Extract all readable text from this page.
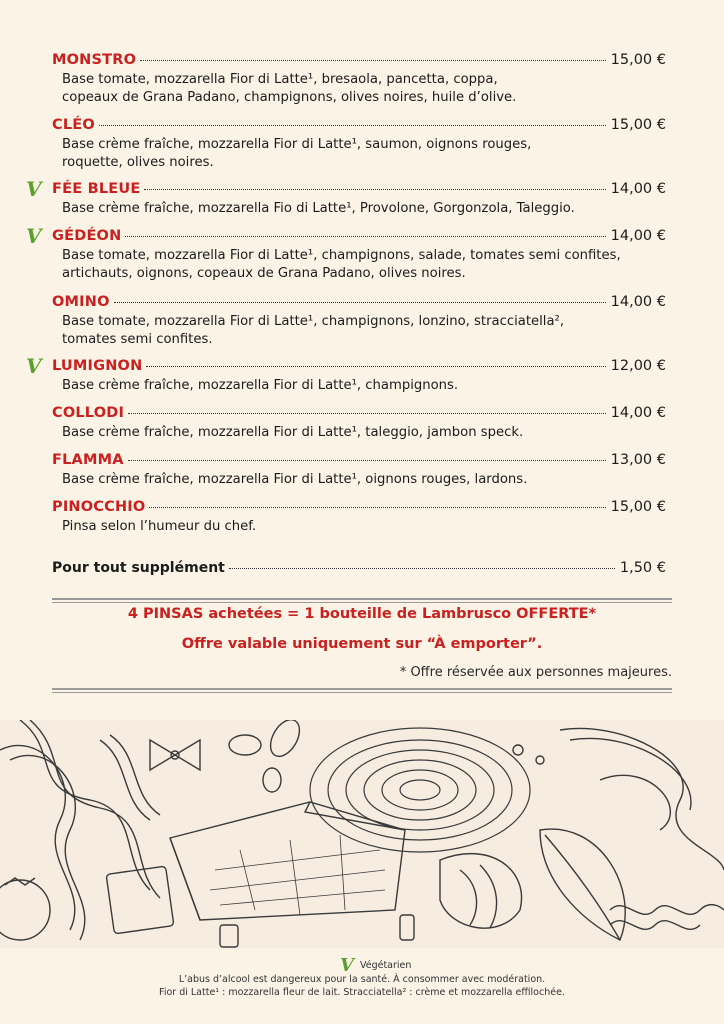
MONSTRO	15,00 €
Base tomate, mozzarella Fior di Latte¹, bresaola, pancetta, coppa,
copeaux de Grana Padano, champignons, olives noires, huile d’olive.
CLÉO	15,00 €
Base crème fraîche, mozzarella Fior di Latte¹, saumon, oignons rouges,
roquette, olives noires.
V FÉE BLEUE	14,00 €
Base crème fraîche, mozzarella Fio di Latte¹, Provolone, Gorgonzola, Taleggio.
V GÉDÉON	14,00 €
Base tomate, mozzarella Fior di Latte¹, champignons, salade, tomates semi confites,
artichauts, oignons, copeaux de Grana Padano, olives noires.
OMINO	14,00 €
Base tomate, mozzarella Fior di Latte¹, champignons, lonzino, stracciatella²,
tomates semi confites.
V LUMIGNON	12,00 €
Base crème fraîche, mozzarella Fior di Latte¹, champignons.
COLLODI	14,00 €
Base crème fraîche, mozzarella Fior di Latte¹, taleggio, jambon speck.
FLAMMA	13,00 €
Base crème fraîche, mozzarella Fior di Latte¹, oignons rouges, lardons.
PINOCCHIO	15,00 €
Pinsa selon l’humeur du chef.
Pour tout supplément	1,50 €
4 PINSAS achetées = 1 bouteille de Lambrusco OFFERTE*
Offre valable uniquement sur “À emporter”.
* Offre réservée aux personnes majeures.
V Végétarien
L’abus d’alcool est dangereux pour la santé. À consommer avec modération.
Fior di Latte¹ : mozzarella fleur de lait. Stracciatella² : crème et mozzarella effilochée.
